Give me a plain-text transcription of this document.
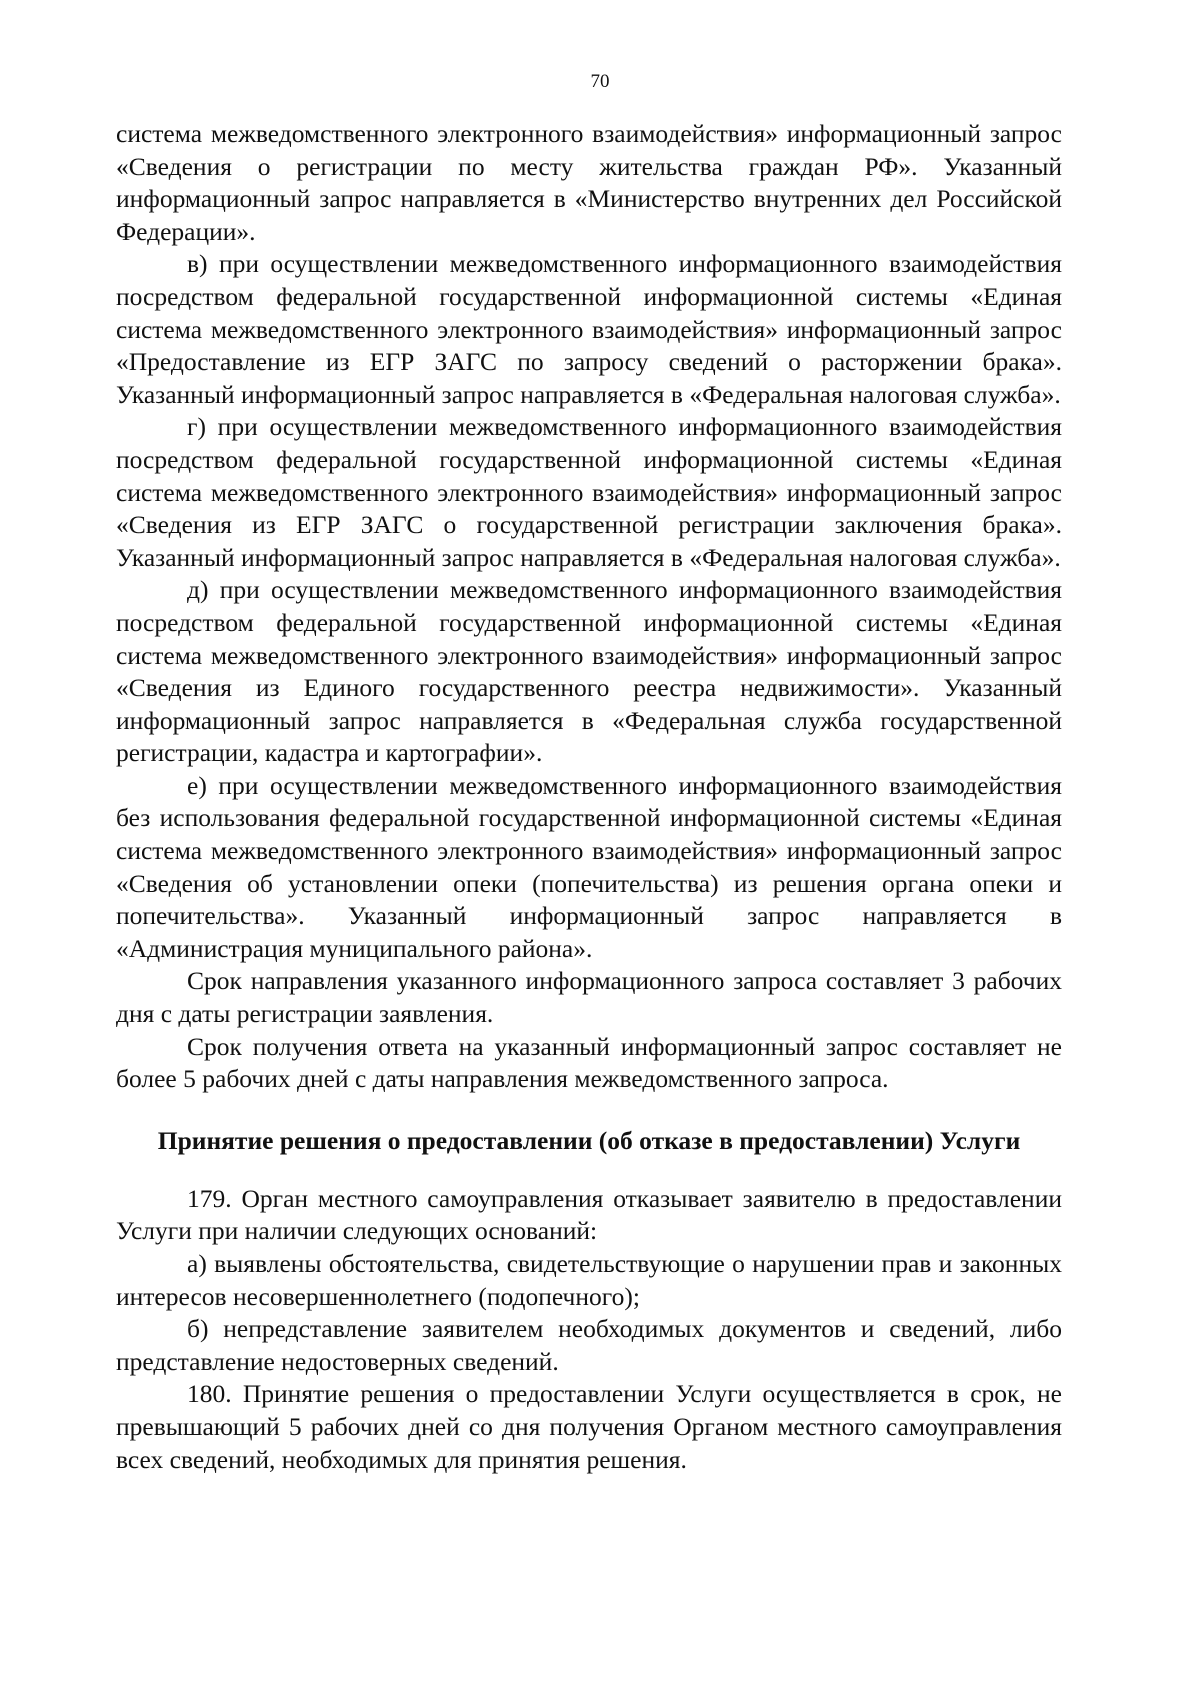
70

система межведомственного электронного взаимодействия» информационный запрос «Сведения о регистрации по месту жительства граждан РФ». Указанный информационный запрос направляется в «Министерство внутренних дел Российской Федерации».

в) при осуществлении межведомственного информационного взаимодействия посредством федеральной государственной информационной системы «Единая система межведомственного электронного взаимодействия» информационный запрос «Предоставление из ЕГР ЗАГС по запросу сведений о расторжении брака». Указанный информационный запрос направляется в «Федеральная налоговая служба».

г) при осуществлении межведомственного информационного взаимодействия посредством федеральной государственной информационной системы «Единая система межведомственного электронного взаимодействия» информационный запрос «Сведения из ЕГР ЗАГС о государственной регистрации заключения брака». Указанный информационный запрос направляется в «Федеральная налоговая служба».

д) при осуществлении межведомственного информационного взаимодействия посредством федеральной государственной информационной системы «Единая система межведомственного электронного взаимодействия» информационный запрос «Сведения из Единого государственного реестра недвижимости». Указанный информационный запрос направляется в «Федеральная служба государственной регистрации, кадастра и картографии».

е) при осуществлении межведомственного информационного взаимодействия без использования федеральной государственной информационной системы «Единая система межведомственного электронного взаимодействия» информационный запрос «Сведения об установлении опеки (попечительства) из решения органа опеки и попечительства». Указанный информационный запрос направляется в «Администрация муниципального района».

Срок направления указанного информационного запроса составляет 3 рабочих дня с даты регистрации заявления.

Срок получения ответа на указанный информационный запрос составляет не более 5 рабочих дней с даты направления межведомственного запроса.

Принятие решения о предоставлении (об отказе в предоставлении) Услуги

179. Орган местного самоуправления отказывает заявителю в предоставлении Услуги при наличии следующих оснований:

а) выявлены обстоятельства, свидетельствующие о нарушении прав и законных интересов несовершеннолетнего (подопечного);

б) непредставление заявителем необходимых документов и сведений, либо представление недостоверных сведений.

180. Принятие решения о предоставлении Услуги осуществляется в срок, не превышающий 5 рабочих дней со дня получения Органом местного самоуправления всех сведений, необходимых для принятия решения.
